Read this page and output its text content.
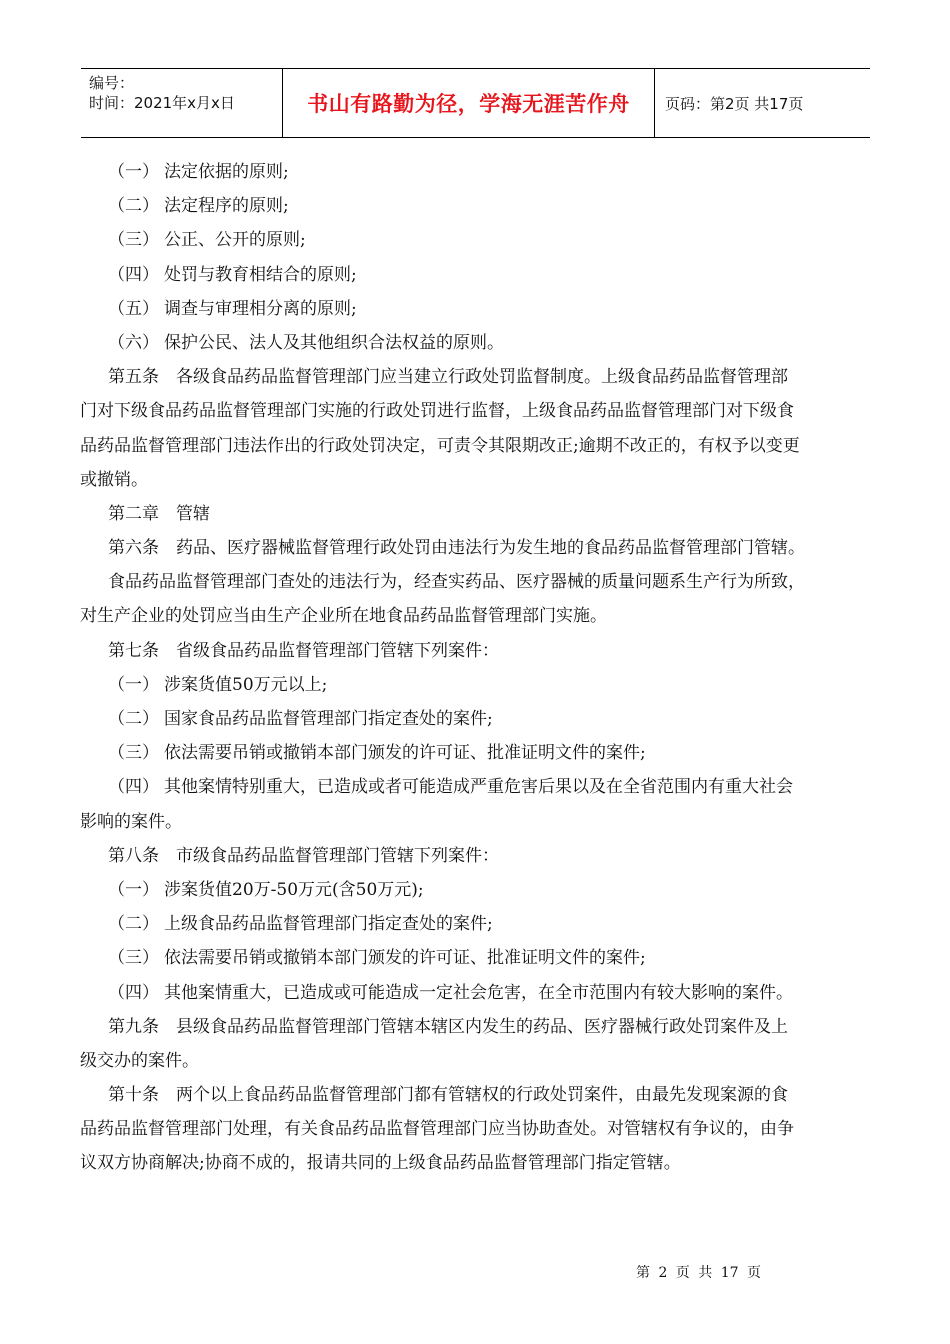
编号：
时间：2021年x月x日	书山有路勤为径，学海无涯苦作舟	页码：第2页 共17页
（一） 法定依据的原则;
（二） 法定程序的原则;
（三） 公正、公开的原则;
（四） 处罚与教育相结合的原则;
（五） 调查与审理相分离的原则;
（六） 保护公民、法人及其他组织合法权益的原则。
第五条　各级食品药品监督管理部门应当建立行政处罚监督制度。上级食品药品监督管理部
门对下级食品药品监督管理部门实施的行政处罚进行监督，上级食品药品监督管理部门对下级食
品药品监督管理部门违法作出的行政处罚决定，可责令其限期改正;逾期不改正的，有权予以变更
或撤销。
第二章　管辖
第六条　药品、医疗器械监督管理行政处罚由违法行为发生地的食品药品监督管理部门管辖。
食品药品监督管理部门查处的违法行为，经查实药品、医疗器械的质量问题系生产行为所致，
对生产企业的处罚应当由生产企业所在地食品药品监督管理部门实施。
第七条　省级食品药品监督管理部门管辖下列案件：
（一） 涉案货值50万元以上;
（二） 国家食品药品监督管理部门指定查处的案件;
（三） 依法需要吊销或撤销本部门颁发的许可证、批准证明文件的案件;
（四） 其他案情特别重大，已造成或者可能造成严重危害后果以及在全省范围内有重大社会
影响的案件。
第八条　市级食品药品监督管理部门管辖下列案件：
（一） 涉案货值20万-50万元(含50万元);
（二） 上级食品药品监督管理部门指定查处的案件;
（三） 依法需要吊销或撤销本部门颁发的许可证、批准证明文件的案件;
（四） 其他案情重大，已造成或可能造成一定社会危害，在全市范围内有较大影响的案件。
第九条　县级食品药品监督管理部门管辖本辖区内发生的药品、医疗器械行政处罚案件及上
级交办的案件。
第十条　两个以上食品药品监督管理部门都有管辖权的行政处罚案件，由最先发现案源的食
品药品监督管理部门处理，有关食品药品监督管理部门应当协助查处。对管辖权有争议的，由争
议双方协商解决;协商不成的，报请共同的上级食品药品监督管理部门指定管辖。
第 2 页 共 17 页
